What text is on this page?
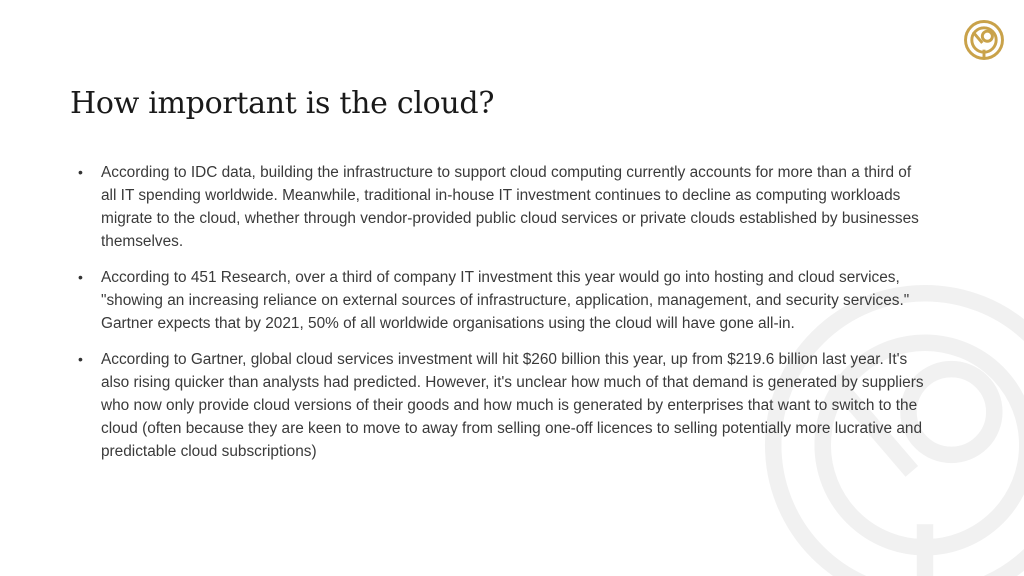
How important is the cloud?
•	According to IDC data, building the infrastructure to support cloud computing currently accounts for more than a third of all IT spending worldwide. Meanwhile, traditional in-house IT investment continues to decline as computing workloads migrate to the cloud, whether through vendor-provided public cloud services or private clouds established by businesses themselves.
•	According to 451 Research, over a third of company IT investment this year would go into hosting and cloud services, "showing an increasing reliance on external sources of infrastructure, application, management, and security services." Gartner expects that by 2021, 50% of all worldwide organisations using the cloud will have gone all-in.
•	According to Gartner, global cloud services investment will hit $260 billion this year, up from $219.6 billion last year. It's also rising quicker than analysts had predicted. However, it's unclear how much of that demand is generated by suppliers who now only provide cloud versions of their goods and how much is generated by enterprises that want to switch to the cloud (often because they are keen to move to away from selling one-off licences to selling potentially more lucrative and predictable cloud subscriptions)
